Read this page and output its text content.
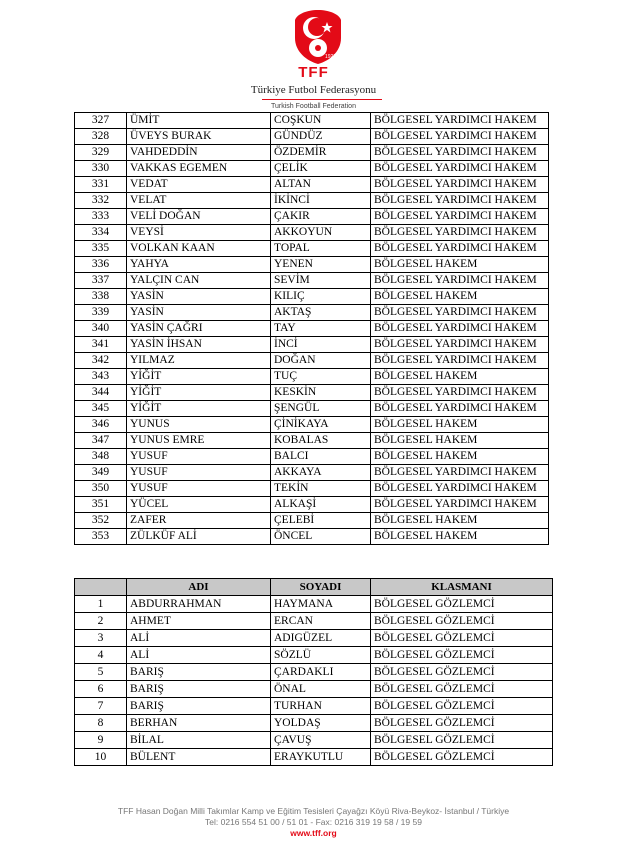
1923
TFF
Türkiye Futbol Federasyonu
Turkish Football Federation
327	ÜMİT	COŞKUN	BÖLGESEL YARDIMCI HAKEM
328	ÜVEYS BURAK	GÜNDÜZ	BÖLGESEL YARDIMCI HAKEM
329	VAHDEDDİN	ÖZDEMİR	BÖLGESEL YARDIMCI HAKEM
330	VAKKAS EGEMEN	ÇELİK	BÖLGESEL YARDIMCI HAKEM
331	VEDAT	ALTAN	BÖLGESEL YARDIMCI HAKEM
332	VELAT	İKİNCİ	BÖLGESEL YARDIMCI HAKEM
333	VELİ DOĞAN	ÇAKIR	BÖLGESEL YARDIMCI HAKEM
334	VEYSİ	AKKOYUN	BÖLGESEL YARDIMCI HAKEM
335	VOLKAN KAAN	TOPAL	BÖLGESEL YARDIMCI HAKEM
336	YAHYA	YENEN	BÖLGESEL HAKEM
337	YALÇIN CAN	SEVİM	BÖLGESEL YARDIMCI HAKEM
338	YASİN	KILIÇ	BÖLGESEL HAKEM
339	YASİN	AKTAŞ	BÖLGESEL YARDIMCI HAKEM
340	YASİN ÇAĞRI	TAY	BÖLGESEL YARDIMCI HAKEM
341	YASİN İHSAN	İNCİ	BÖLGESEL YARDIMCI HAKEM
342	YILMAZ	DOĞAN	BÖLGESEL YARDIMCI HAKEM
343	YİĞİT	TUÇ	BÖLGESEL HAKEM
344	YİĞİT	KESKİN	BÖLGESEL YARDIMCI HAKEM
345	YİĞİT	ŞENGÜL	BÖLGESEL YARDIMCI HAKEM
346	YUNUS	ÇİNİKAYA	BÖLGESEL HAKEM
347	YUNUS EMRE	KOBALAS	BÖLGESEL HAKEM
348	YUSUF	BALCI	BÖLGESEL HAKEM
349	YUSUF	AKKAYA	BÖLGESEL YARDIMCI HAKEM
350	YUSUF	TEKİN	BÖLGESEL YARDIMCI HAKEM
351	YÜCEL	ALKAŞİ	BÖLGESEL YARDIMCI HAKEM
352	ZAFER	ÇELEBİ	BÖLGESEL HAKEM
353	ZÜLKÜF ALİ	ÖNCEL	BÖLGESEL HAKEM
	ADI	SOYADI	KLASMANI
1	ABDURRAHMAN	HAYMANA	BÖLGESEL GÖZLEMCİ
2	AHMET	ERCAN	BÖLGESEL GÖZLEMCİ
3	ALİ	ADIGÜZEL	BÖLGESEL GÖZLEMCİ
4	ALİ	SÖZLÜ	BÖLGESEL GÖZLEMCİ
5	BARIŞ	ÇARDAKLI	BÖLGESEL GÖZLEMCİ
6	BARIŞ	ÖNAL	BÖLGESEL GÖZLEMCİ
7	BARIŞ	TURHAN	BÖLGESEL GÖZLEMCİ
8	BERHAN	YOLDAŞ	BÖLGESEL GÖZLEMCİ
9	BİLAL	ÇAVUŞ	BÖLGESEL GÖZLEMCİ
10	BÜLENT	ERAYKUTLU	BÖLGESEL GÖZLEMCİ
TFF Hasan Doğan Milli Takımlar Kamp ve Eğitim Tesisleri Çayağzı Köyü Riva-Beykoz- İstanbul / Türkiye
Tel: 0216 554 51 00 / 51 01 - Fax: 0216 319 19 58 / 19 59
www.tff.org
